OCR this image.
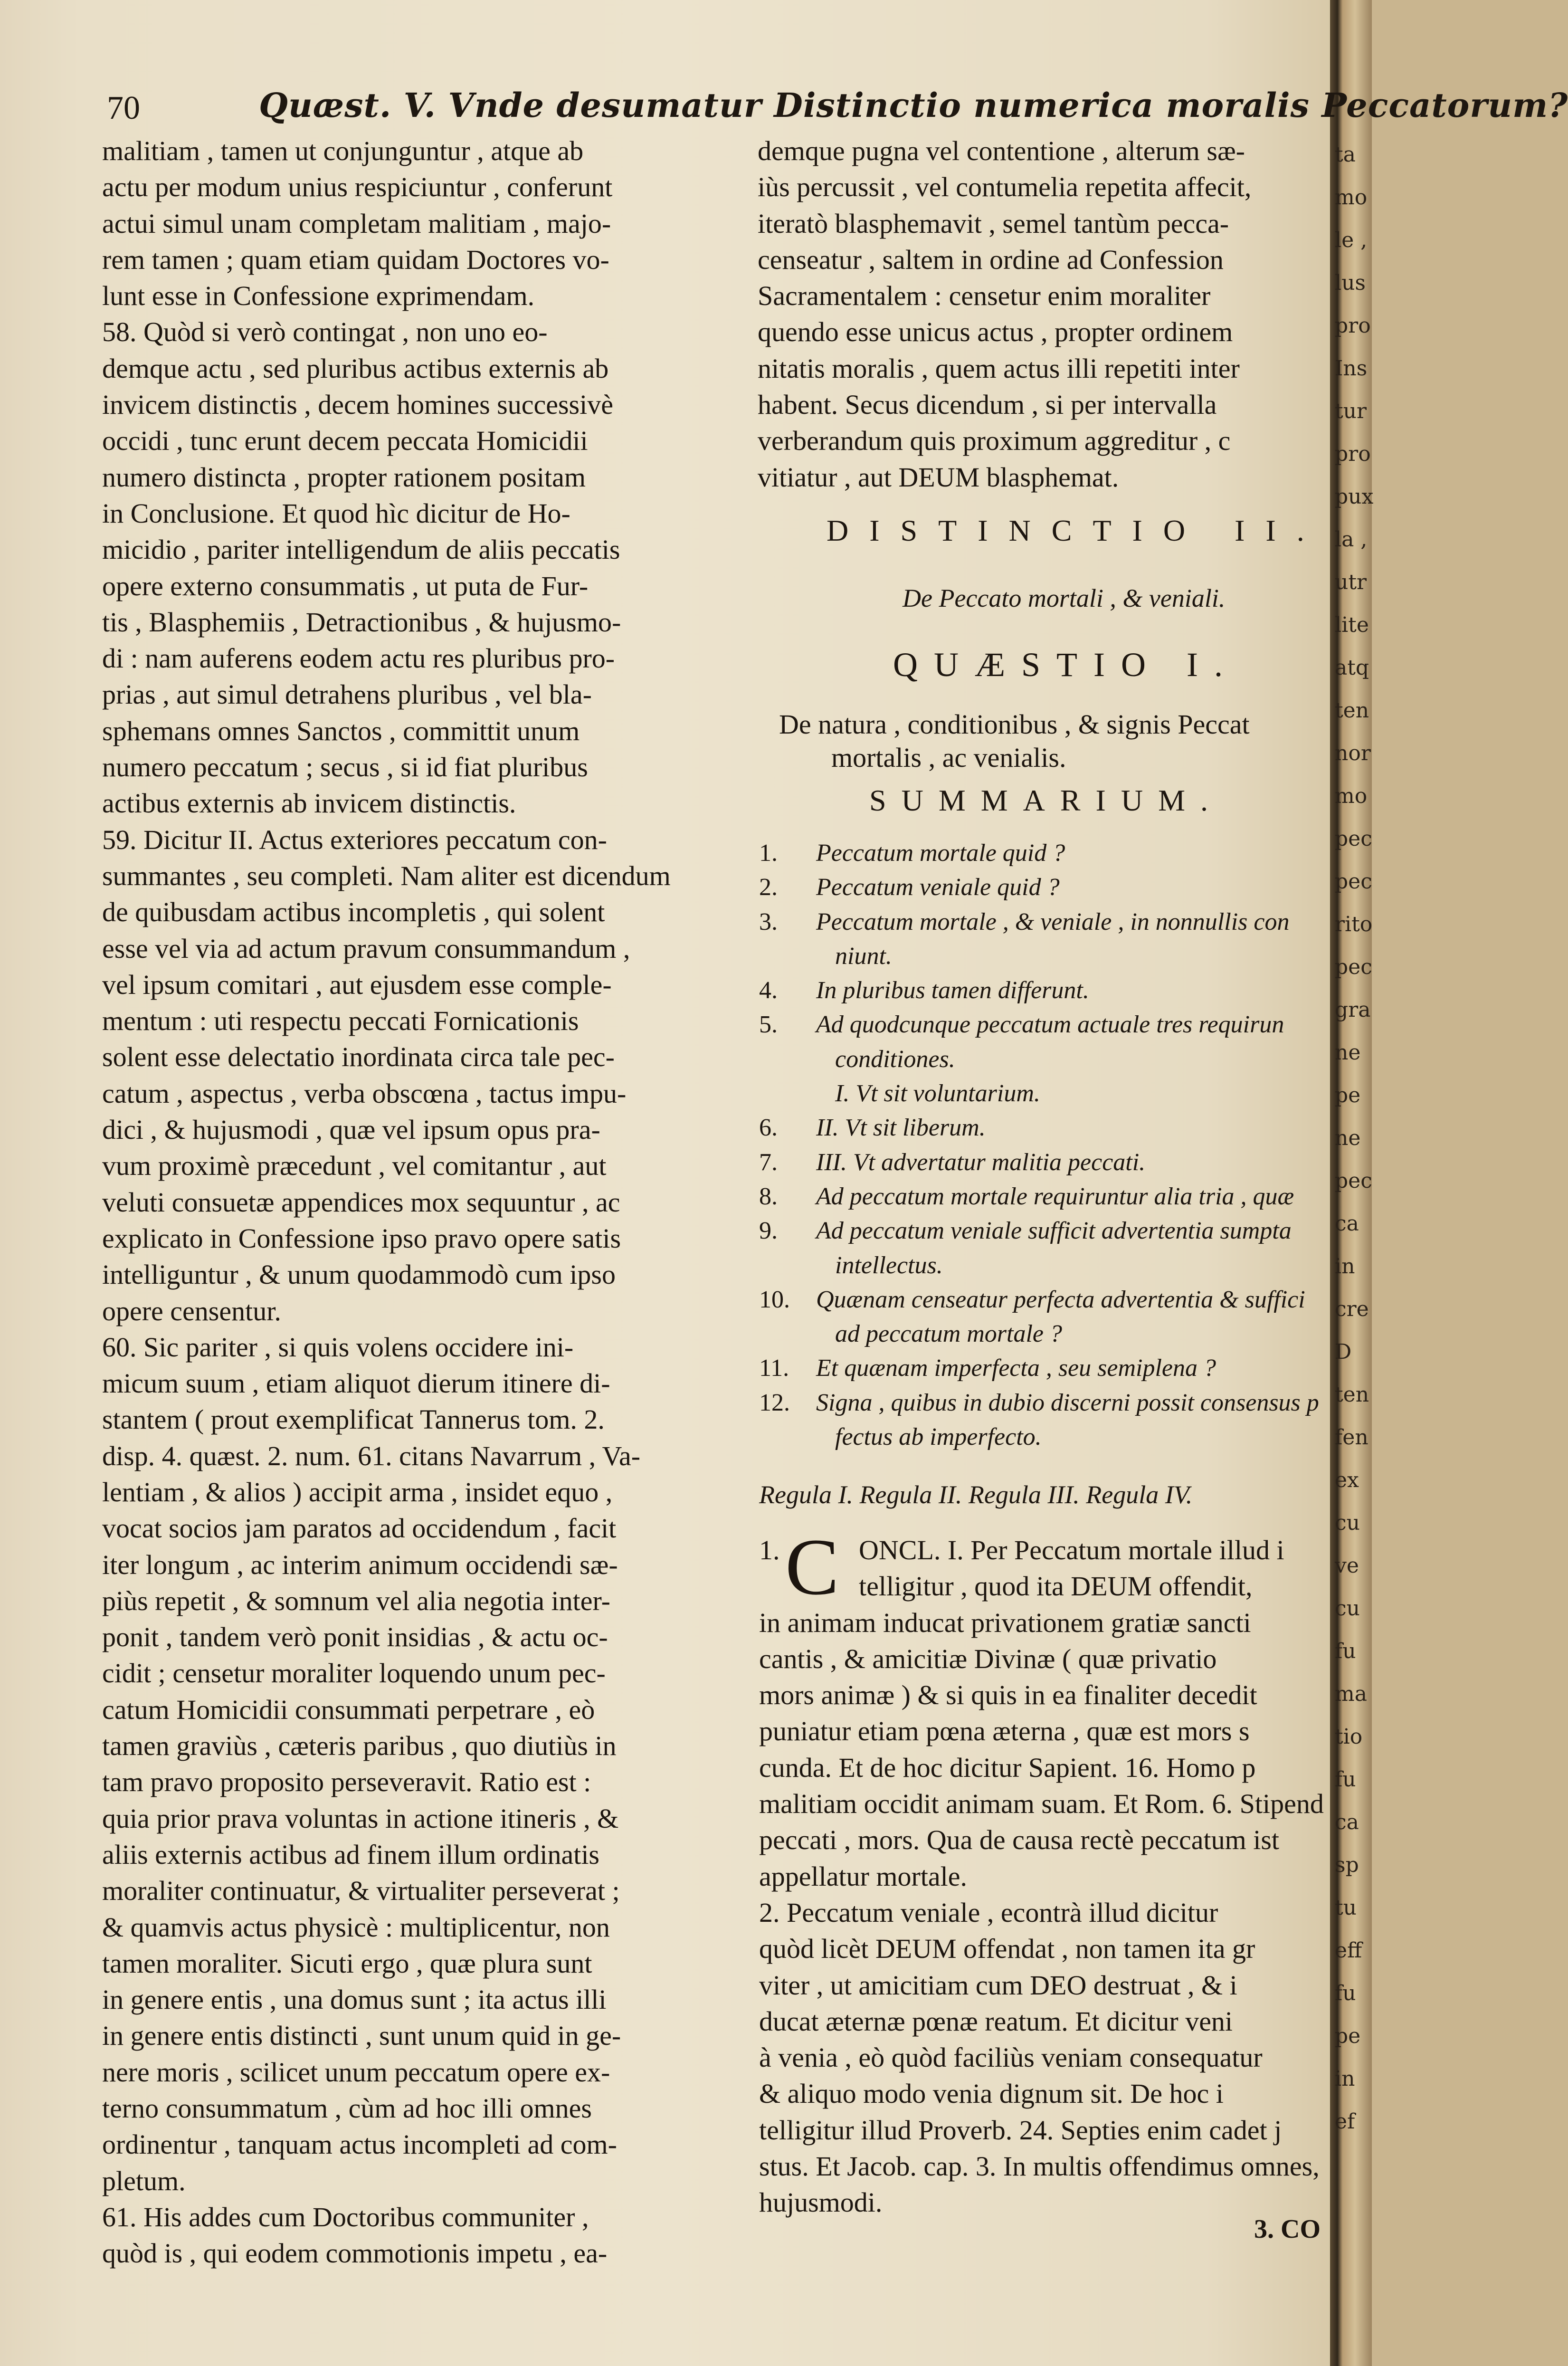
ta
mo
le ,
lus
pro
Ins
tur
pro
pux
la ,
utr
lite
atq
ten
nor
mo
pec
pec
rito
pec
gra
ne
pe
ne
pec
ca
in
cre
D
ten
fen
ex
cu
ve
cu
fu
ma
tio
fu
ca
sp
tu
eff
fu
pe
in
ef
70	Quæst. V. Vnde desumatur Distinctio numerica moralis Peccatorum?
malitiam , tamen ut conjunguntur , atque ab
actu per modum unius respiciuntur , conferunt
actui simul unam completam malitiam , majo-
rem tamen ; quam etiam quidam Doctores vo-
lunt esse in Confessione exprimendam.
58. Quòd si verò contingat , non uno eo-
demque actu , sed pluribus actibus externis ab
invicem distinctis , decem homines successivè
occidi , tunc erunt decem peccata Homicidii
numero distincta , propter rationem positam
in Conclusione. Et quod hìc dicitur de Ho-
micidio , pariter intelligendum de aliis peccatis
opere externo consummatis , ut puta de Fur-
tis , Blasphemiis , Detractionibus , & hujusmo-
di : nam auferens eodem actu res pluribus pro-
prias , aut simul detrahens pluribus , vel bla-
sphemans omnes Sanctos , committit unum
numero peccatum ; secus , si id fiat pluribus
actibus externis ab invicem distinctis.
59. Dicitur II. Actus exteriores peccatum con-
summantes , seu completi. Nam aliter est dicendum
de quibusdam actibus incompletis , qui solent
esse vel via ad actum pravum consummandum ,
vel ipsum comitari , aut ejusdem esse comple-
mentum : uti respectu peccati Fornicationis
solent esse delectatio inordinata circa tale pec-
catum , aspectus , verba obscœna , tactus impu-
dici , & hujusmodi , quæ vel ipsum opus pra-
vum proximè præcedunt , vel comitantur , aut
veluti consuetæ appendices mox sequuntur , ac
explicato in Confessione ipso pravo opere satis
intelliguntur , & unum quodammodò cum ipso
opere censentur.
60. Sic pariter , si quis volens occidere ini-
micum suum , etiam aliquot dierum itinere di-
stantem ( prout exemplificat Tannerus tom. 2.
disp. 4. quæst. 2. num. 61. citans Navarrum , Va-
lentiam , & alios ) accipit arma , insidet equo ,
vocat socios jam paratos ad occidendum , facit
iter longum , ac interim animum occidendi sæ-
piùs repetit , & somnum vel alia negotia inter-
ponit , tandem verò ponit insidias , & actu oc-
cidit ; censetur moraliter loquendo unum pec-
catum Homicidii consummati perpetrare , eò
tamen graviùs , cæteris paribus , quo diutiùs in
tam pravo proposito perseveravit. Ratio est :
quia prior prava voluntas in actione itineris , &
aliis externis actibus ad finem illum ordinatis
moraliter continuatur, & virtualiter perseverat ;
& quamvis actus physicè : multiplicentur, non
tamen moraliter. Sicuti ergo , quæ plura sunt
in genere entis , una domus sunt ; ita actus illi
in genere entis distincti , sunt unum quid in ge-
nere moris , scilicet unum peccatum opere ex-
terno consummatum , cùm ad hoc illi omnes
ordinentur , tanquam actus incompleti ad com-
pletum.
61. His addes cum Doctoribus communiter ,
quòd is , qui eodem commotionis impetu , ea-
demque pugna vel contentione , alterum sæ-
iùs percussit , vel contumelia repetita affecit,
iteratò blasphemavit , semel tantùm pecca-
censeatur , saltem in ordine ad Confession
Sacramentalem : censetur enim moraliter
quendo esse unicus actus , propter ordinem
nitatis moralis , quem actus illi repetiti inter
habent. Secus dicendum , si per intervalla
verberandum quis proximum aggreditur , c
vitiatur , aut DEUM blasphemat.
DISTINCTIO II.
De Peccato mortali , & veniali.
QUÆSTIO I.
De natura , conditionibus , & signis Peccat
mortalis , ac venialis.
SUMMARIUM.
1. Peccatum mortale quid ?
2. Peccatum veniale quid ?
3. Peccatum mortale , & veniale , in nonnullis con
niunt.
4. In pluribus tamen differunt.
5. Ad quodcunque peccatum actuale tres requirun
conditiones.
I. Vt sit voluntarium.
6. II. Vt sit liberum.
7. III. Vt advertatur malitia peccati.
8. Ad peccatum mortale requiruntur alia tria , quæ
9. Ad peccatum veniale sufficit advertentia sumpta
intellectus.
10. Quænam censeatur perfecta advertentia & suffici
ad peccatum mortale ?
11. Et quænam imperfecta , seu semiplena ?
12. Signa , quibus in dubio discerni possit consensus p
fectus ab imperfecto.
Regula I. Regula II. Regula III. Regula IV.
C ONCL. I. Per Peccatum mortale illud i
telligitur , quod ita DEUM offendit,
in animam inducat privationem gratiæ sancti
cantis , & amicitiæ Divinæ ( quæ privatio
mors animæ ) & si quis in ea finaliter decedit
puniatur etiam pœna æterna , quæ est mors s
cunda. Et de hoc dicitur Sapient. 16. Homo p
malitiam occidit animam suam. Et Rom. 6. Stipend
peccati , mors. Qua de causa rectè peccatum ist
appellatur mortale.
2. Peccatum veniale , econtrà illud dicitur
quòd licèt DEUM offendat , non tamen ita gr
viter , ut amicitiam cum DEO destruat , & i
ducat æternæ pœnæ reatum. Et dicitur veni
à venia , eò quòd faciliùs veniam consequatur
& aliquo modo venia dignum sit. De hoc i
telligitur illud Proverb. 24. Septies enim cadet j
stus. Et Jacob. cap. 3. In multis offendimus omnes,
hujusmodi.
1.
3. CO
